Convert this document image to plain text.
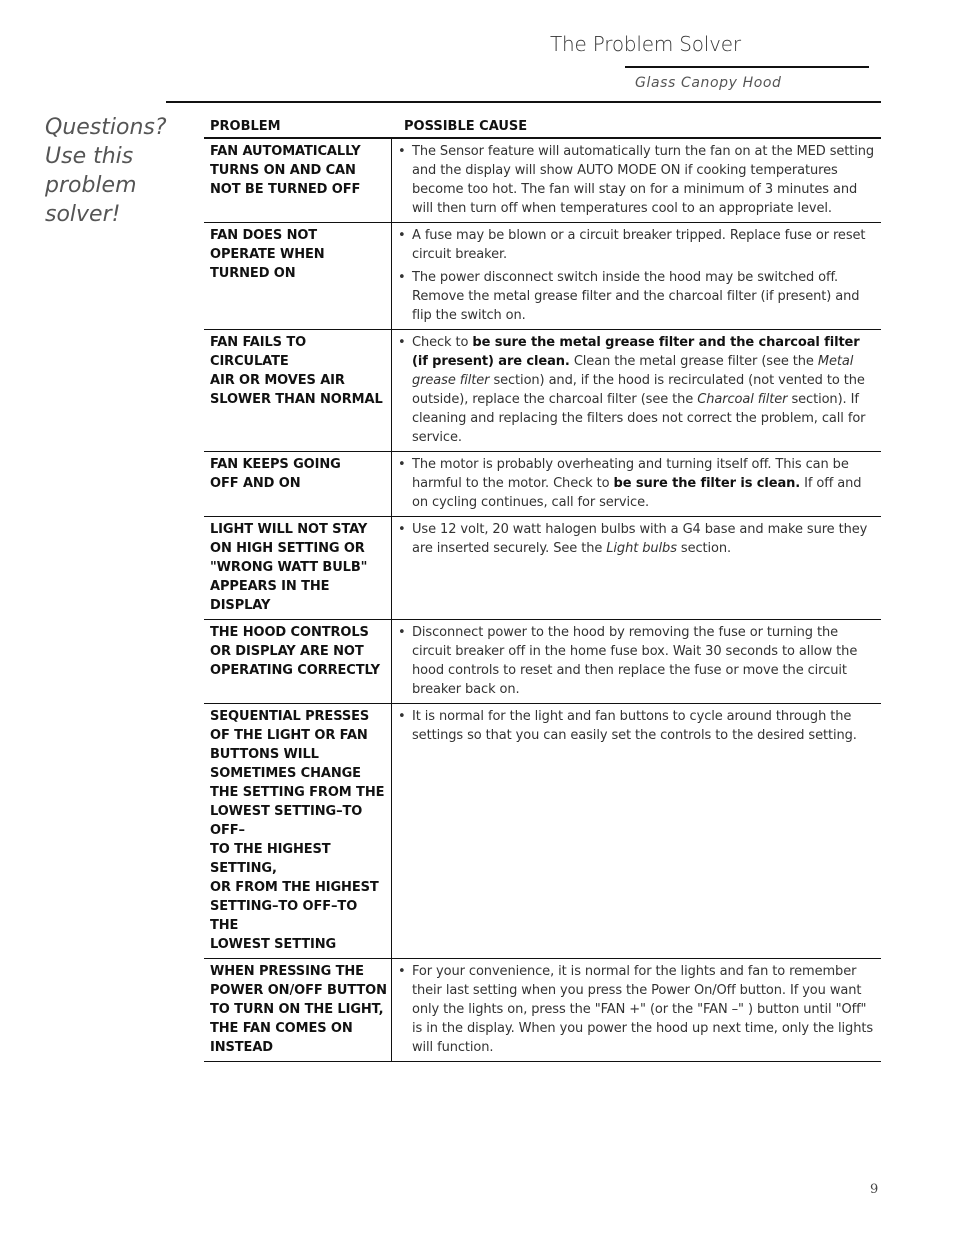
The Problem Solver
Glass Canopy Hood
Questions?
Use this
problem
solver!
PROBLEM	POSSIBLE CAUSE
FAN AUTOMATICALLY
TURNS ON AND CAN
NOT BE TURNED OFF
• The Sensor feature will automatically turn the fan on at the MED setting and the display will show AUTO MODE ON if cooking temperatures become too hot. The fan will stay on for a minimum of 3 minutes and will then turn off when temperatures cool to an appropriate level.
FAN DOES NOT
OPERATE WHEN
TURNED ON
• A fuse may be blown or a circuit breaker tripped. Replace fuse or reset circuit breaker.
• The power disconnect switch inside the hood may be switched off. Remove the metal grease filter and the charcoal filter (if present) and flip the switch on.
FAN FAILS TO CIRCULATE
AIR OR MOVES AIR
SLOWER THAN NORMAL
• Check to be sure the metal grease filter and the charcoal filter (if present) are clean. Clean the metal grease filter (see the Metal grease filter section) and, if the hood is recirculated (not vented to the outside), replace the charcoal filter (see the Charcoal filter section). If cleaning and replacing the filters does not correct the problem, call for service.
FAN KEEPS GOING
OFF AND ON
• The motor is probably overheating and turning itself off. This can be harmful to the motor. Check to be sure the filter is clean. If off and on cycling continues, call for service.
LIGHT WILL NOT STAY
ON HIGH SETTING OR
"WRONG WATT BULB"
APPEARS IN THE DISPLAY
• Use 12 volt, 20 watt halogen bulbs with a G4 base and make sure they are inserted securely. See the Light bulbs section.
THE HOOD CONTROLS
OR DISPLAY ARE NOT
OPERATING CORRECTLY
• Disconnect power to the hood by removing the fuse or turning the circuit breaker off in the home fuse box. Wait 30 seconds to allow the hood controls to reset and then replace the fuse or move the circuit breaker back on.
SEQUENTIAL PRESSES
OF THE LIGHT OR FAN
BUTTONS WILL
SOMETIMES CHANGE
THE SETTING FROM THE
LOWEST SETTING–TO OFF–
TO THE HIGHEST SETTING,
OR FROM THE HIGHEST
SETTING–TO OFF–TO THE
LOWEST SETTING
• It is normal for the light and fan buttons to cycle around through the settings so that you can easily set the controls to the desired setting.
WHEN PRESSING THE
POWER ON/OFF BUTTON
TO TURN ON THE LIGHT,
THE FAN COMES ON
INSTEAD
• For your convenience, it is normal for the lights and fan to remember their last setting when you press the Power On/Off button. If you want only the lights on, press the "FAN +" (or the "FAN –" ) button until "Off" is in the display. When you power the hood up next time, only the lights will function.
9
